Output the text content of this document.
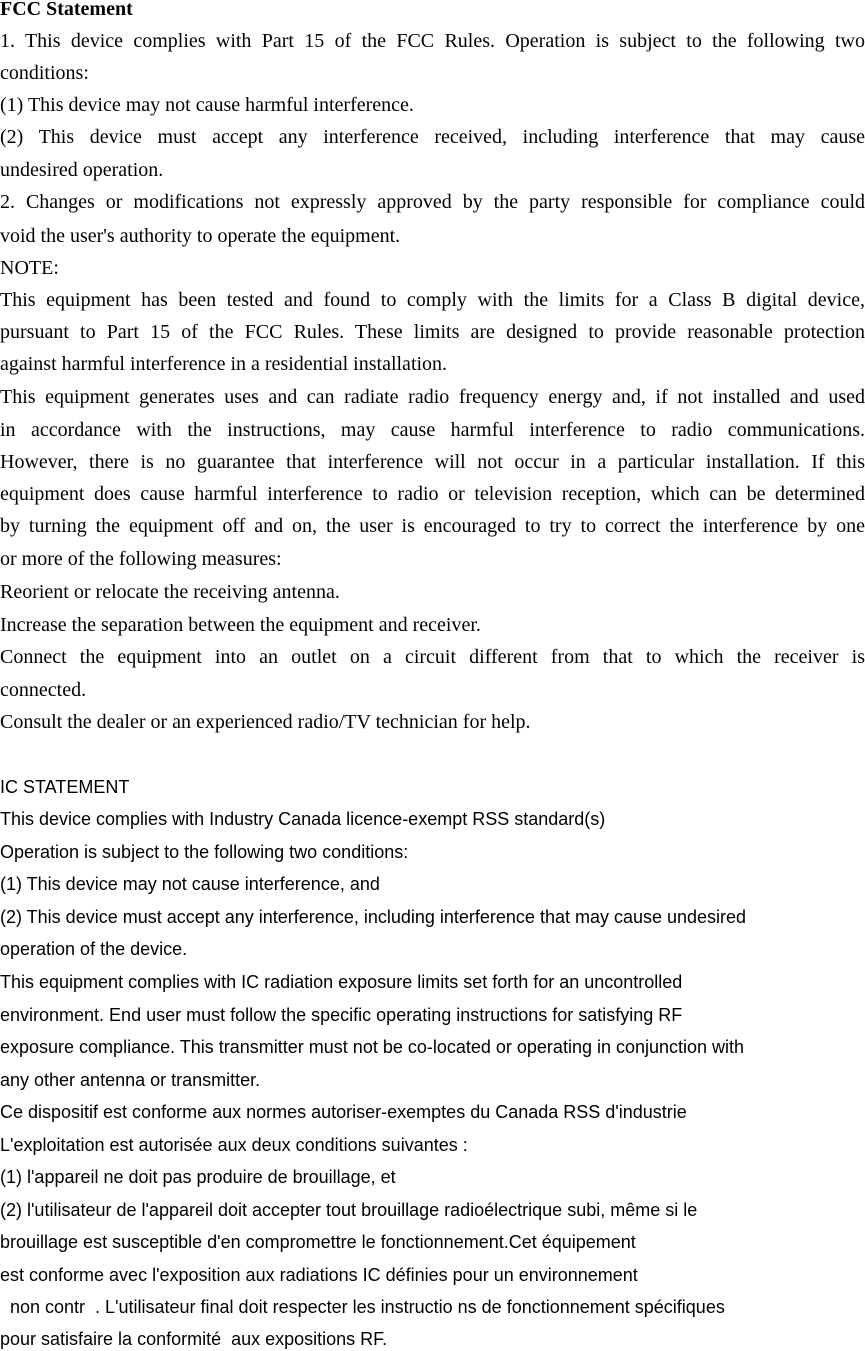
FCC Statement
1. This device complies with Part 15 of the FCC Rules. Operation is subject to the following two
conditions:
(1) This device may not cause harmful interference.
(2) This device must accept any interference received, including interference that may cause
undesired operation.
2. Changes or modifications not expressly approved by the party responsible for compliance could
void the user's authority to operate the equipment.
NOTE:
This equipment has been tested and found to comply with the limits for a Class B digital device,
pursuant to Part 15 of the FCC Rules. These limits are designed to provide reasonable protection
against harmful interference in a residential installation.
This equipment generates uses and can radiate radio frequency energy and, if not installed and used
in accordance with the instructions, may cause harmful interference to radio communications.
However, there is no guarantee that interference will not occur in a particular installation. If this
equipment does cause harmful interference to radio or television reception, which can be determined
by turning the equipment off and on, the user is encouraged to try to correct the interference by one
or more of the following measures:
Reorient or relocate the receiving antenna.
Increase the separation between the equipment and receiver.
Connect the equipment into an outlet on a circuit different from that to which the receiver is
connected.
Consult the dealer or an experienced radio/TV technician for help.
IC STATEMENT
This device complies with Industry Canada licence-exempt RSS standard(s)
Operation is subject to the following two conditions:
(1) This device may not cause interference, and
(2) This device must accept any interference, including interference that may cause undesired
operation of the device.
This equipment complies with IC radiation exposure limits set forth for an uncontrolled
environment. End user must follow the specific operating instructions for satisfying RF
exposure compliance. This transmitter must not be co-located or operating in conjunction with
any other antenna or transmitter.
Ce dispositif est conforme aux normes autoriser-exemptes du Canada RSS d'industrie
L'exploitation est autorisée aux deux conditions suivantes :
(1) l'appareil ne doit pas produire de brouillage, et
(2) l'utilisateur de l'appareil doit accepter tout brouillage radioélectrique subi, même si le
brouillage est susceptible d'en compromettre le fonctionnement.Cet équipement
est conforme avec l'exposition aux radiations IC définies pour un environnement
non contr  . L'utilisateur final doit respecter les instructio ns de fonctionnement spécifiques
pour satisfaire la conformité  aux expositions RF.
